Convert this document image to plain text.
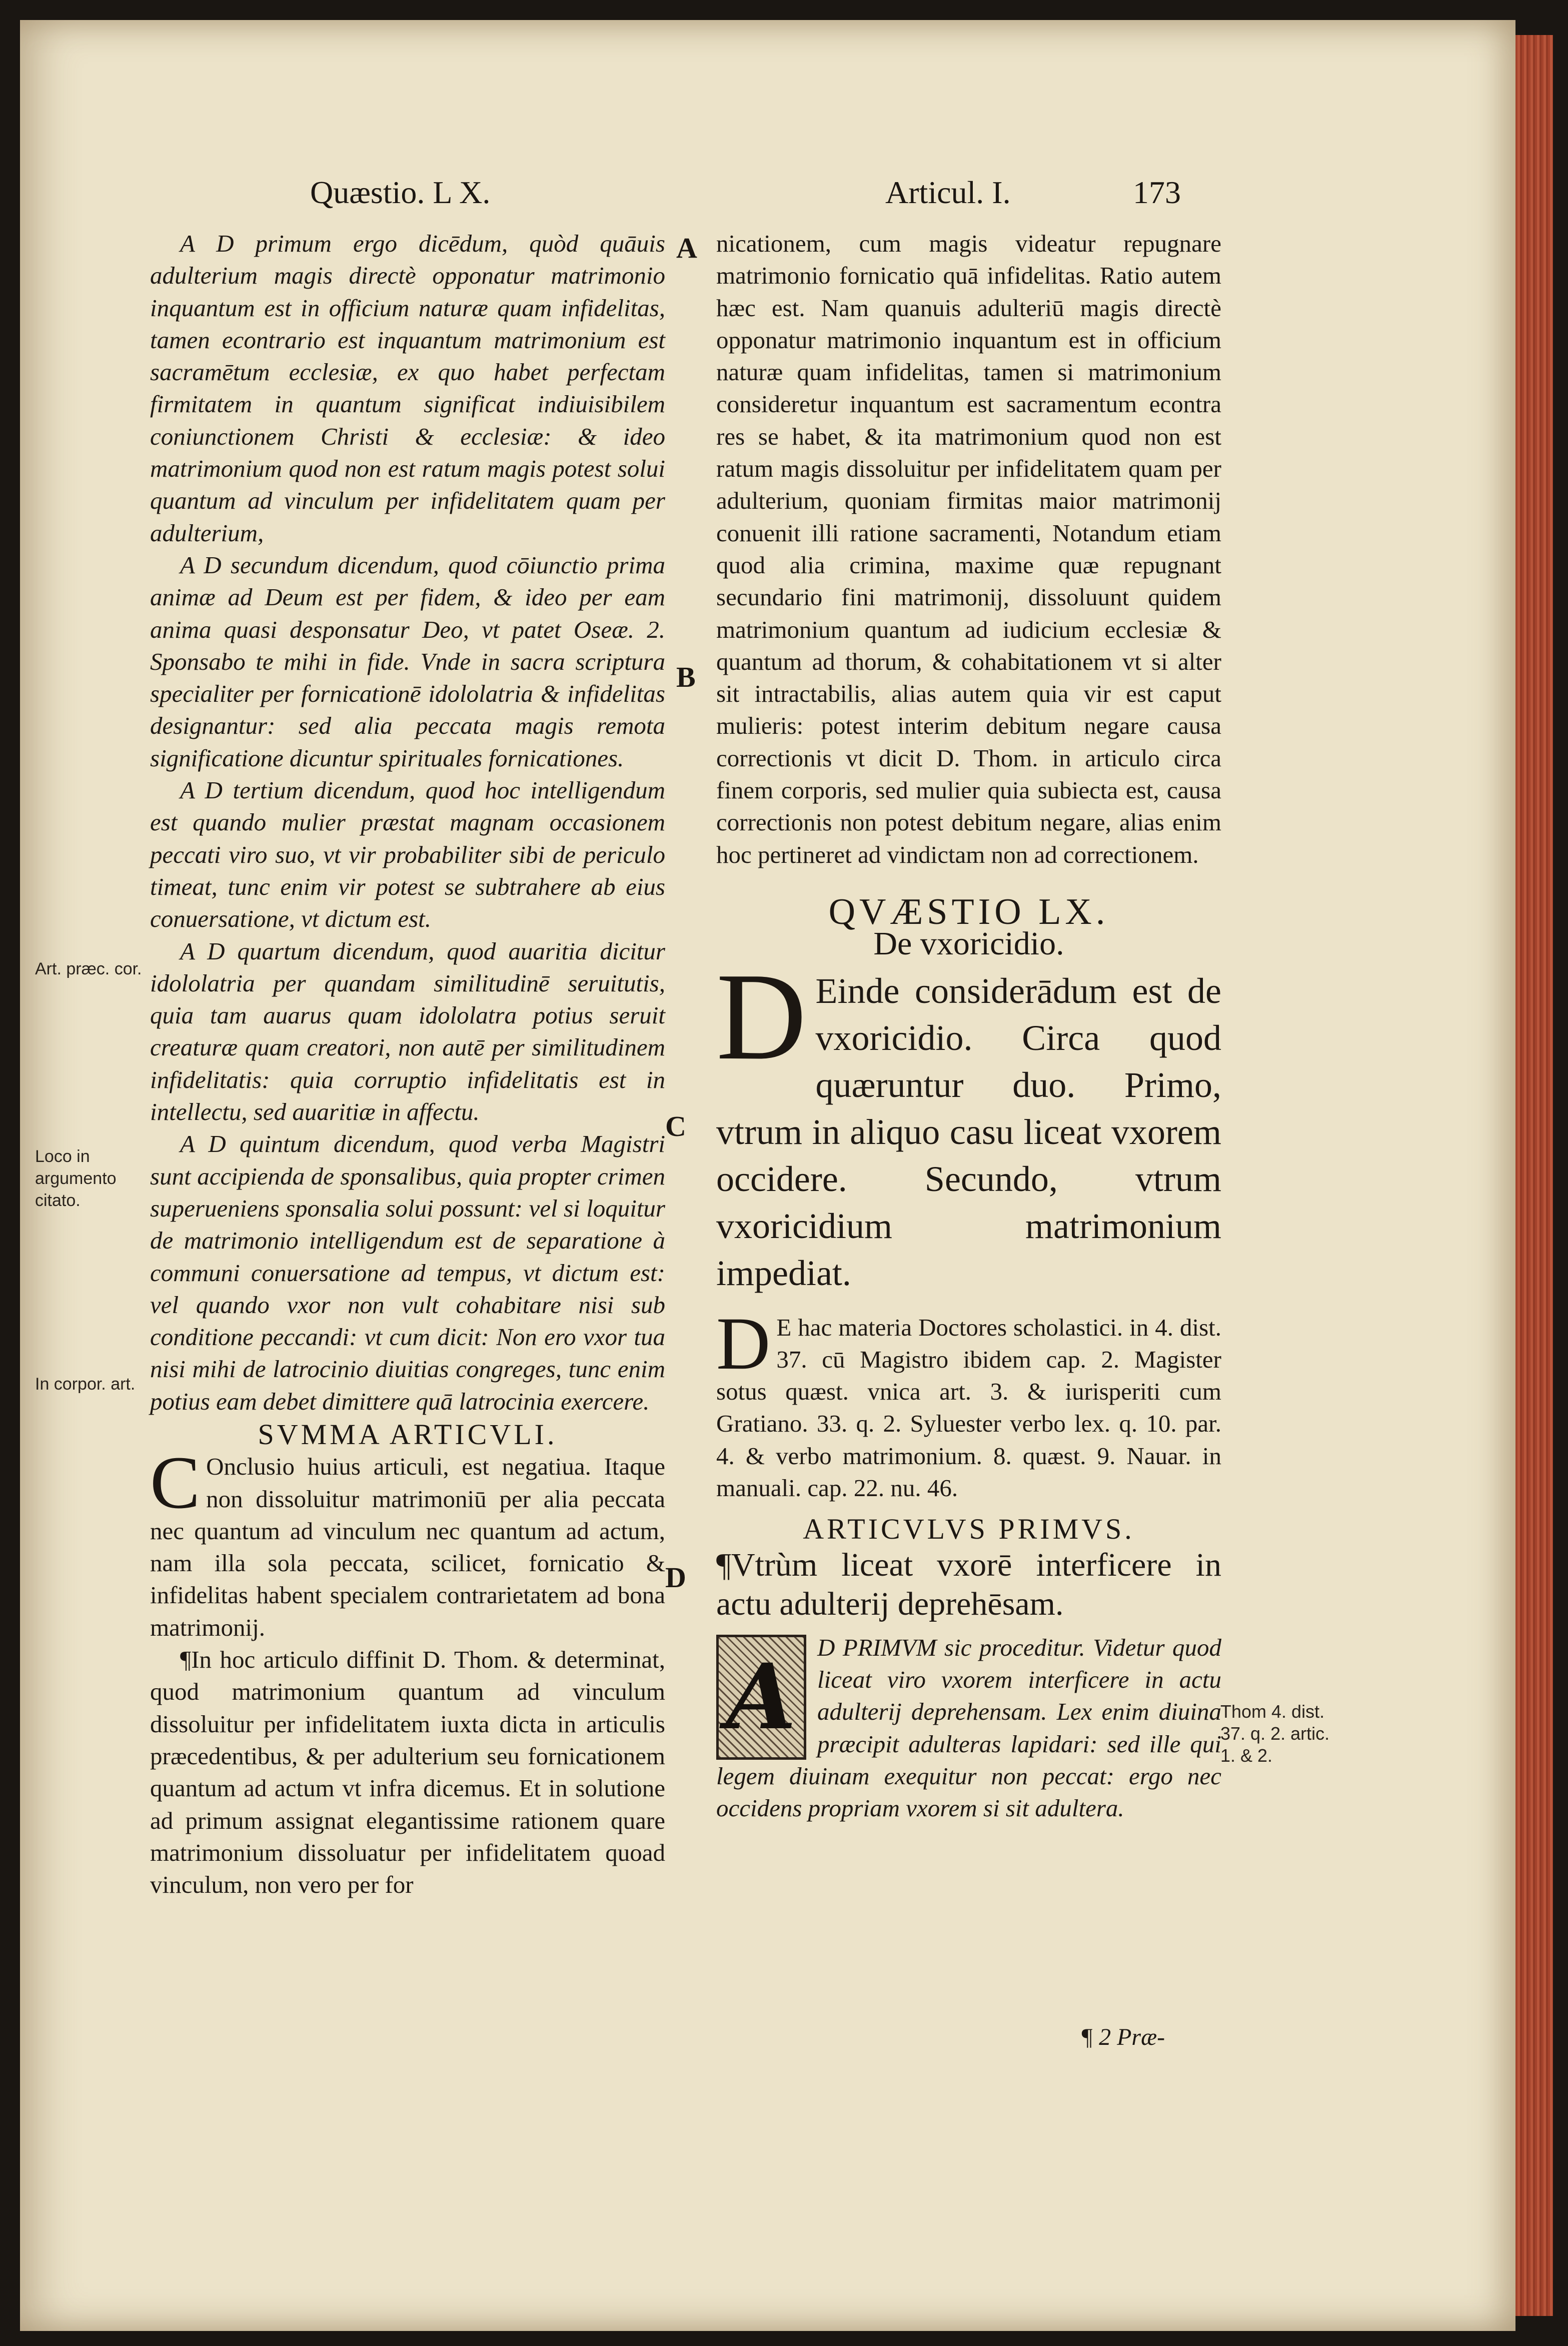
Quæstio. L X.	Articul. I.	173

A D primum ergo dicēdum, quòd quāuis adulterium magis directè opponatur matrimonio inquantum est in officium naturæ quam infidelitas, tamen econtrario est inquantum matrimonium est sacramētum ecclesiæ, ex quo habet perfectam firmitatem in quantum significat indiuisibilem coniunctionem Christi & ecclesiæ: & ideo matrimonium quod non est ratum magis potest solui quantum ad vinculum per infidelitatem quam per adulterium,

A D secundum dicendum, quod cōiunctio prima animæ ad Deum est per fidem, & ideo per eam anima quasi desponsatur Deo, vt patet Oseæ. 2. Sponsabo te mihi in fide. Vnde in sacra scriptura specialiter per fornicationē idololatria & infidelitas designantur: sed alia peccata magis remota significatione dicuntur spirituales fornicationes.

A D tertium dicendum, quod hoc intelligendum est quando mulier præstat magnam occasionem peccati viro suo, vt vir probabiliter sibi de periculo timeat, tunc enim vir potest se subtrahere ab eius conuersatione, vt dictum est.

A D quartum dicendum, quod auaritia dicitur idololatria per quandam similitudinē seruitutis, quia tam auarus quam idololatra potius seruit creaturæ quam creatori, non autē per similitudinem infidelitatis: quia corruptio infidelitatis est in intellectu, sed auaritiæ in affectu.

A D quintum dicendum, quod verba Magistri sunt accipienda de sponsalibus, quia propter crimen superueniens sponsalia solui possunt: vel si loquitur de matrimonio intelligendum est de separatione à communi conuersatione ad tempus, vt dictum est: vel quando vxor non vult cohabitare nisi sub conditione peccandi: vt cum dicit: Non ero vxor tua nisi mihi de latrocinio diuitias congreges, tunc enim potius eam debet dimittere quā latrocinia exercere.

SVMMA ARTICVLI.

C Onclusio huius articuli, est negatiua. Itaque non dissoluitur matrimoniū per alia peccata nec quantum ad vinculum nec quantum ad actum, nam illa sola peccata, scilicet, fornicatio & infidelitas habent specialem contrarietatem ad bona matrimonij.

¶In hoc articulo diffinit D. Thom. & determinat, quod matrimonium quantum ad vinculum dissoluitur per infidelitatem iuxta dicta in articulis præcedentibus, & per adulterium seu fornicationem quantum ad actum vt infra dicemus. Et in solutione ad primum assignat elegantissime rationem quare matrimonium dissoluatur per infidelitatem quoad vinculum, non vero per for

Art. præc. cor.
Loco in argumento citato.
In corpor. art.
A
B
C
D

nicationem, cum magis videatur repugnare matrimonio fornicatio quā infidelitas. Ratio autem hæc est. Nam quanuis adulteriū magis directè opponatur matrimonio inquantum est in officium naturæ quam infidelitas, tamen si matrimonium consideretur inquantum est sacramentum econtra res se habet, & ita matrimonium quod non est ratum magis dissoluitur per infidelitatem quam per adulterium, quoniam firmitas maior matrimonij conuenit illi ratione sacramenti, Notandum etiam quod alia crimina, maxime quæ repugnant secundario fini matrimonij, dissoluunt quidem matrimonium quantum ad iudicium ecclesiæ & quantum ad thorum, & cohabitationem vt si alter sit intractabilis, alias autem quia vir est caput mulieris: potest interim debitum negare causa correctionis vt dicit D. Thom. in articulo circa finem corporis, sed mulier quia subiecta est, causa correctionis non potest debitum negare, alias enim hoc pertineret ad vindictam non ad correctionem.

QVÆSTIO LX.
De vxoricidio.

D Einde considerādum est de vxoricidio. Circa quod quæruntur duo. Primo, vtrum in aliquo casu liceat vxorem occidere. Secundo, vtrum vxoricidium matrimonium impediat.

D E hac materia Doctores scholastici. in 4. dist. 37. cū Magistro ibidem cap. 2. Magister sotus quæst. vnica art. 3. & iurisperiti cum Gratiano. 33. q. 2. Syluester verbo lex. q. 10. par. 4. & verbo matrimonium. 8. quæst. 9. Nauar. in manuali. cap. 22. nu. 46.

ARTICVLVS PRIMVS.

¶Vtrùm liceat vxorē interficere in actu adulterij deprehēsam.

A D PRIMVM sic proceditur. Videtur quod liceat viro vxorem interficere in actu adulterij deprehensam. Lex enim diuina præcipit adulteras lapidari: sed ille qui legem diuinam exequitur non peccat: ergo nec occidens propriam vxorem si sit adultera.

Thom 4. dist. 37. q. 2. artic. 1. & 2.
¶ 2 Præ-
